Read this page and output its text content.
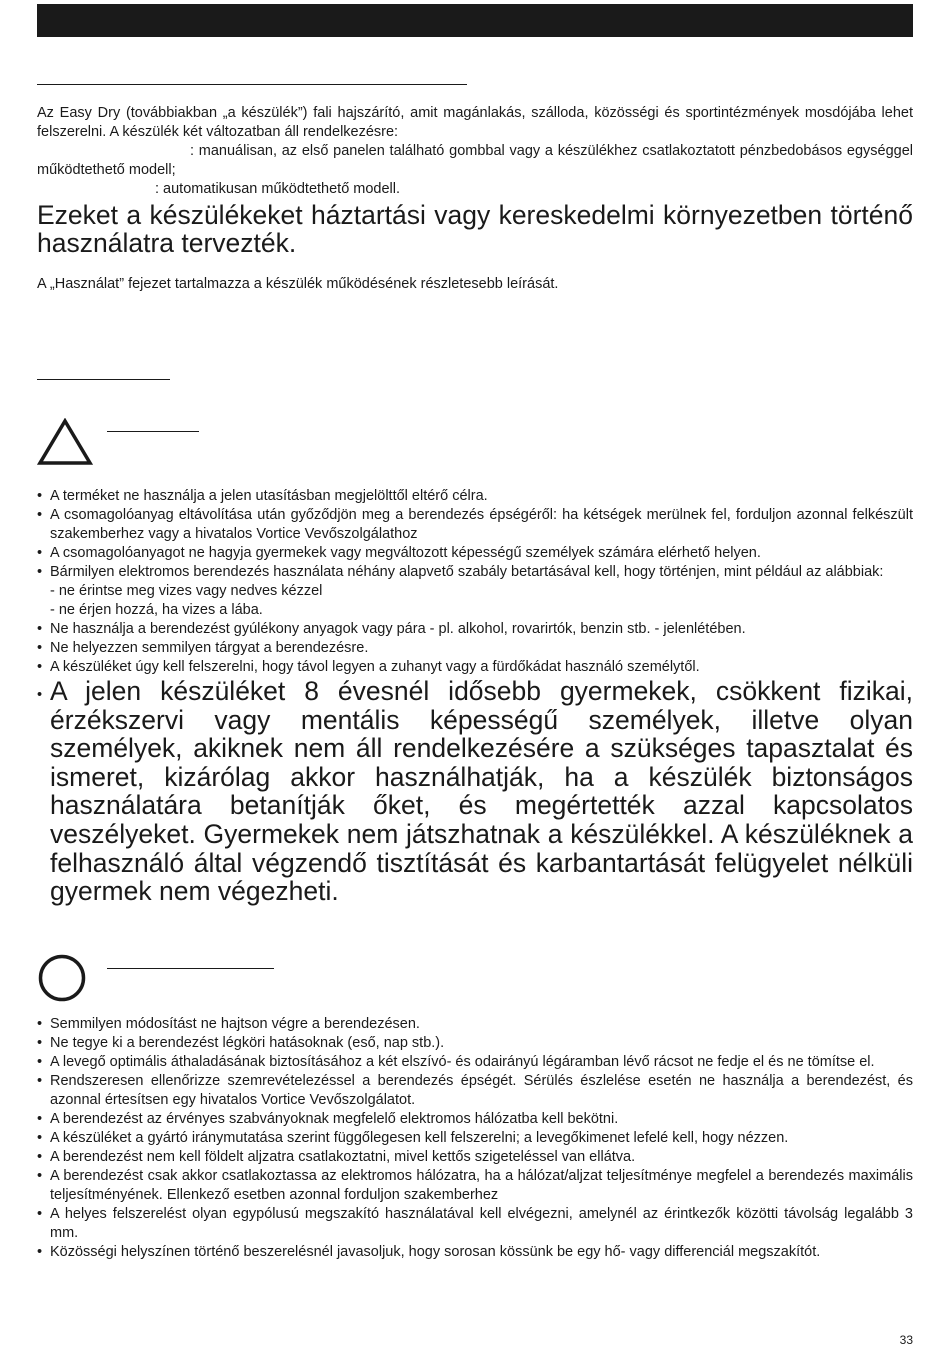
Az Easy Dry (továbbiakban „a készülék”) fali hajszárító, amit magánlakás, szálloda, közösségi és sportintézmények mosdójába lehet felszerelni. A készülék két változatban áll rendelkezésre:
: manuálisan, az első panelen található gombbal vagy a készülékhez csatlakoztatott pénzbedobásos egységgel működtethető modell;
: automatikusan működtethető modell.
Ezeket a készülékeket háztartási vagy kereskedelmi környezetben történő használatra tervezték.
A „Használat” fejezet tartalmazza a készülék működésének részletesebb leírását.
• A terméket ne használja a jelen utasításban megjelölttől eltérő célra.
• A csomagolóanyag eltávolítása után győződjön meg a berendezés épségéről: ha kétségek merülnek fel, forduljon azonnal felkészült szakemberhez vagy a hivatalos Vortice Vevőszolgálathoz
• A csomagolóanyagot ne hagyja gyermekek vagy megváltozott képességű személyek számára elérhető helyen.
• Bármilyen elektromos berendezés használata néhány alapvető szabály betartásával kell, hogy történjen, mint például az alábbiak:
- ne érintse meg vizes vagy nedves kézzel
- ne érjen hozzá, ha vizes a lába.
• Ne használja a berendezést gyúlékony anyagok vagy pára - pl. alkohol, rovarirtók, benzin stb. - jelenlétében.
• Ne helyezzen semmilyen tárgyat a berendezésre.
• A készüléket úgy kell felszerelni, hogy távol legyen a zuhanyt vagy a fürdőkádat használó személytől.
• A jelen készüléket 8 évesnél idősebb gyermekek, csökkent fizikai, érzékszervi vagy mentális képességű személyek, illetve olyan személyek, akiknek nem áll rendelkezésére a szükséges tapasztalat és ismeret, kizárólag akkor használhatják, ha a készülék biztonságos használatára betanítják őket, és megértették azzal kapcsolatos veszélyeket. Gyermekek nem játszhatnak a készülékkel. A készüléknek a felhasználó által végzendő tisztítását és karbantartását felügyelet nélküli gyermek nem végezheti.
• Semmilyen módosítást ne hajtson végre a berendezésen.
• Ne tegye ki a berendezést légköri hatásoknak (eső, nap stb.).
• A levegő optimális áthaladásának biztosításához a két elszívó- és odairányú légáramban lévő rácsot ne fedje el és ne tömítse el.
• Rendszeresen ellenőrizze szemrevételezéssel a berendezés épségét. Sérülés észlelése esetén ne használja a berendezést, és azonnal értesítsen egy hivatalos Vortice Vevőszolgálatot.
• A berendezést az érvényes szabványoknak megfelelő elektromos hálózatba kell bekötni.
• A készüléket a gyártó iránymutatása szerint függőlegesen kell felszerelni; a levegőkimenet lefelé kell, hogy nézzen.
• A berendezést nem kell földelt aljzatra csatlakoztatni, mivel kettős szigeteléssel van ellátva.
• A berendezést csak akkor csatlakoztassa az elektromos hálózatra, ha a hálózat/aljzat teljesítménye megfelel a berendezés maximális teljesítményének. Ellenkező esetben azonnal forduljon szakemberhez
• A helyes felszerelést olyan egypólusú megszakító használatával kell elvégezni, amelynél az érintkezők közötti távolság legalább 3 mm.
• Közösségi helyszínen történő beszerelésnél javasoljuk, hogy sorosan kössünk be egy hő- vagy differenciál megszakítót.
33
